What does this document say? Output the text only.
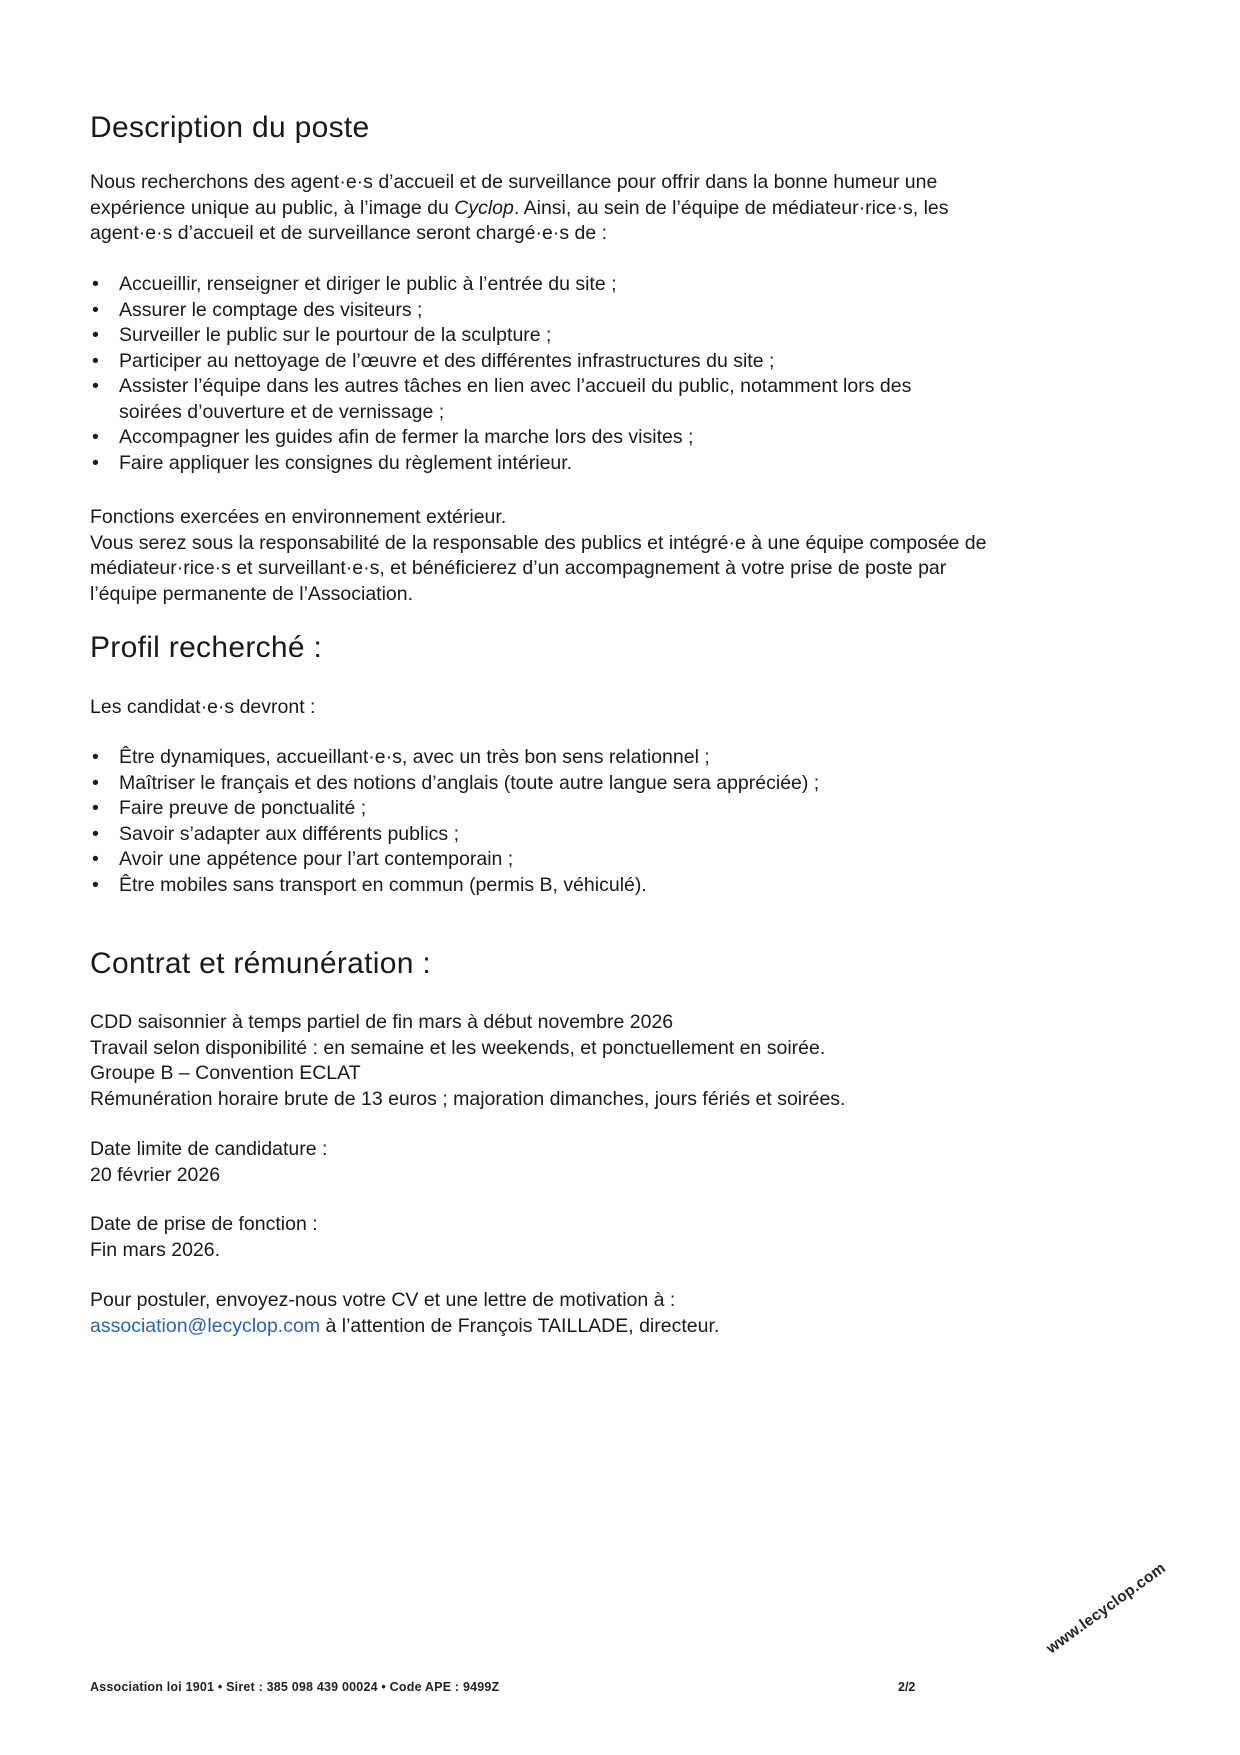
Description du poste

Nous recherchons des agent·e·s d’accueil et de surveillance pour offrir dans la bonne humeur une

expérience unique au public, à l’image du Cyclop. Ainsi, au sein de l’équipe de médiateur·rice·s, les

agent·e·s d’accueil et de surveillance seront chargé·e·s de :

• Accueillir, renseigner et diriger le public à l’entrée du site ;
• Assurer le comptage des visiteurs ;
• Surveiller le public sur le pourtour de la sculpture ;
• Participer au nettoyage de l’œuvre et des différentes infrastructures du site ;
• Assister l’équipe dans les autres tâches en lien avec l’accueil du public, notamment lors des
soirées d’ouverture et de vernissage ;
• Accompagner les guides afin de fermer la marche lors des visites ;
• Faire appliquer les consignes du règlement intérieur.

Fonctions exercées en environnement extérieur.

Vous serez sous la responsabilité de la responsable des publics et intégré·e à une équipe composée de

médiateur·rice·s et surveillant·e·s, et bénéficierez d’un accompagnement à votre prise de poste par

l’équipe permanente de l’Association.

Profil recherché :

Les candidat·e·s devront :

• Être dynamiques, accueillant·e·s, avec un très bon sens relationnel ;
• Maîtriser le français et des notions d’anglais (toute autre langue sera appréciée) ;
• Faire preuve de ponctualité ;
• Savoir s’adapter aux différents publics ;
• Avoir une appétence pour l’art contemporain ;
• Être mobiles sans transport en commun (permis B, véhiculé).
Contrat et rémunération :

CDD saisonnier à temps partiel de fin mars à début novembre 2026

Travail selon disponibilité : en semaine et les weekends, et ponctuellement en soirée.

Groupe B – Convention ECLAT

Rémunération horaire brute de 13 euros ; majoration dimanches, jours fériés et soirées.

Date limite de candidature :

20 février 2026

Date de prise de fonction :

Fin mars 2026.

Pour postuler, envoyez-nous votre CV et une lettre de motivation à :

association@lecyclop.com à l’attention de François TAILLADE, directeur.

Association loi 1901 • Siret : 385 098 439 00024 • Code APE : 9499Z	2/2
www.lecyclop.com
